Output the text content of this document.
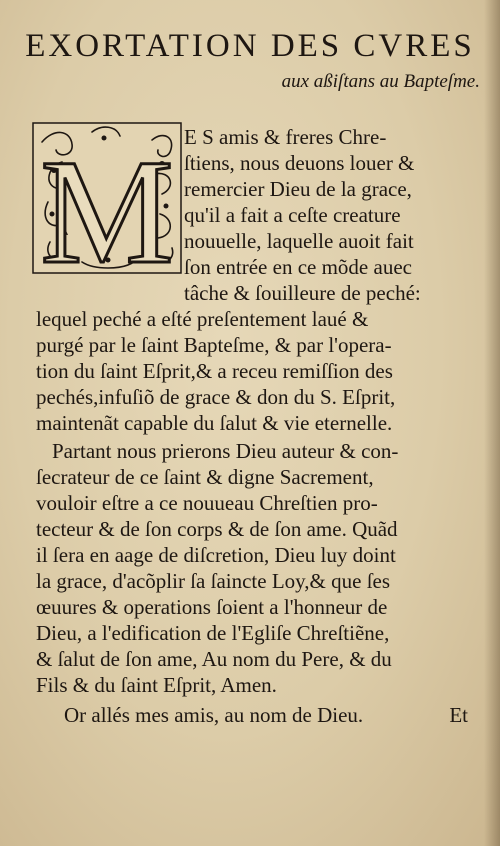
EXORTATION DES CVRES
aux aßiſtans au Bapteſme.
M E S amis & freres Chre-
ſtiens, nous deuons louer &
remercier Dieu de la grace,
qu'il a fait a ceſte creature
nouuelle, laquelle auoit fait
ſon entrée en ce mõde auec
tâche & ſouilleure de peché:
lequel peché a eſté preſentement laué &
purgé par le ſaint Bapteſme, & par l'opera-
tion du ſaint Eſprit,& a receu remiſſion des
pechés,infuſiõ de grace & don du S. Eſprit,
maintenãt capable du ſalut & vie eternelle.
Partant nous prierons Dieu auteur & con-
ſecrateur de ce ſaint & digne Sacrement,
vouloir eſtre a ce nouueau Chreſtien pro-
tecteur & de ſon corps & de ſon ame. Quãd
il ſera en aage de diſcretion, Dieu luy doint
la grace, d'acõplir ſa ſaincte Loy,& que ſes
œuures & operations ſoient a l'honneur de
Dieu, a l'edification de l'Egliſe Chreſtiẽne,
& ſalut de ſon ame, Au nom du Pere, & du
Fils & du ſaint Eſprit, Amen.
Or allés mes amis, au nom de Dieu.	Et
